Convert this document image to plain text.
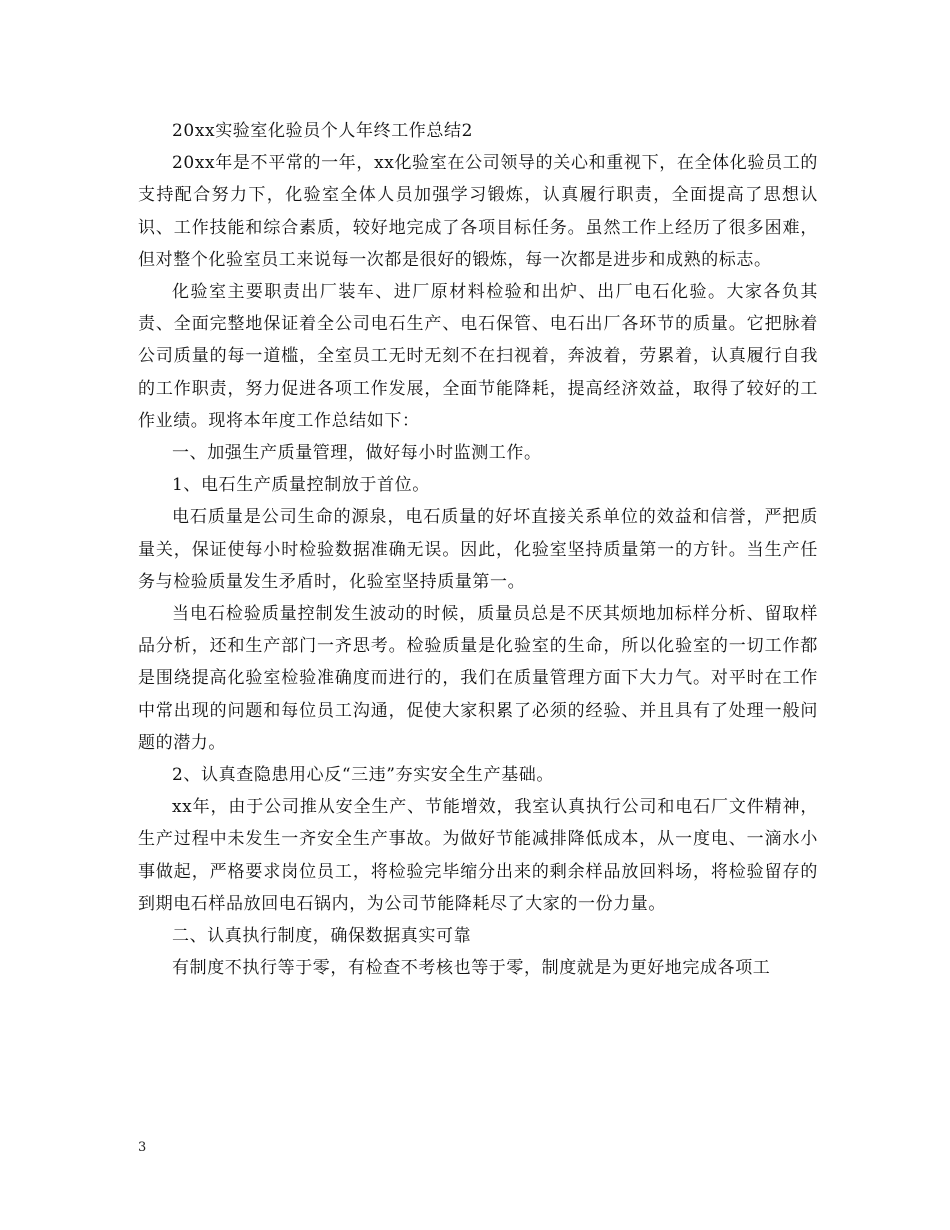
20xx实验室化验员个人年终工作总结2

20xx年是不平常的一年，xx化验室在公司领导的关心和重视下，在全体化验员工的支持配合努力下，化验室全体人员加强学习锻炼，认真履行职责，全面提高了思想认识、工作技能和综合素质，较好地完成了各项目标任务。虽然工作上经历了很多困难，但对整个化验室员工来说每一次都是很好的锻炼，每一次都是进步和成熟的标志。

化验室主要职责出厂装车、进厂原材料检验和出炉、出厂电石化验。大家各负其责、全面完整地保证着全公司电石生产、电石保管、电石出厂各环节的质量。它把脉着公司质量的每一道槛，全室员工无时无刻不在扫视着，奔波着，劳累着，认真履行自我的工作职责，努力促进各项工作发展，全面节能降耗，提高经济效益，取得了较好的工作业绩。现将本年度工作总结如下：

一、加强生产质量管理，做好每小时监测工作。

1、电石生产质量控制放于首位。

电石质量是公司生命的源泉，电石质量的好坏直接关系单位的效益和信誉，严把质量关，保证使每小时检验数据准确无误。因此，化验室坚持质量第一的方针。当生产任务与检验质量发生矛盾时，化验室坚持质量第一。

当电石检验质量控制发生波动的时候，质量员总是不厌其烦地加标样分析、留取样品分析，还和生产部门一齐思考。检验质量是化验室的生命，所以化验室的一切工作都是围绕提高化验室检验准确度而进行的，我们在质量管理方面下大力气。对平时在工作中常出现的问题和每位员工沟通，促使大家积累了必须的经验、并且具有了处理一般问题的潜力。

2、认真查隐患用心反“三违”夯实安全生产基础。

xx年，由于公司推从安全生产、节能增效，我室认真执行公司和电石厂文件精神，生产过程中未发生一齐安全生产事故。为做好节能减排降低成本，从一度电、一滴水小事做起，严格要求岗位员工，将检验完毕缩分出来的剩余样品放回料场，将检验留存的到期电石样品放回电石锅内，为公司节能降耗尽了大家的一份力量。

二、认真执行制度，确保数据真实可靠

有制度不执行等于零，有检查不考核也等于零，制度就是为更好地完成各项工

3
